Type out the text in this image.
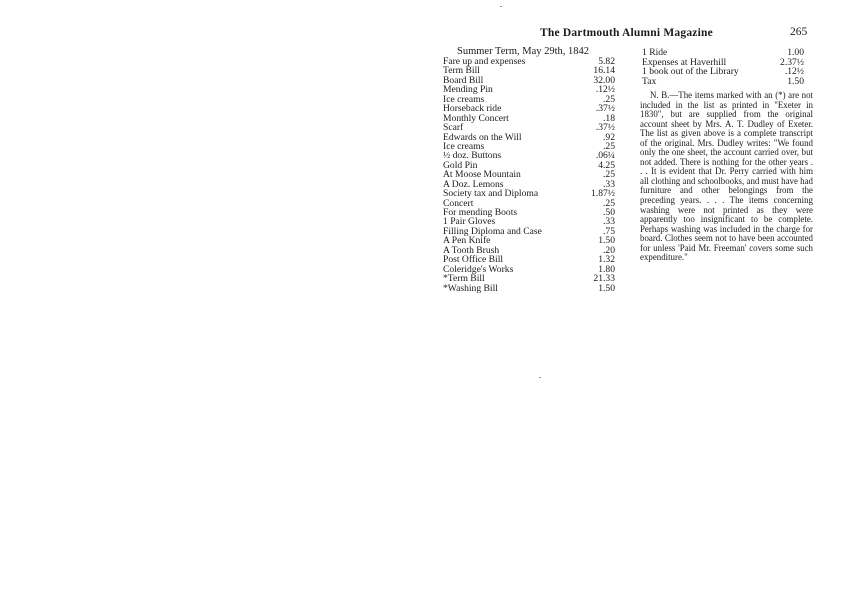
The Dartmouth Alumni Magazine	265
Summer Term, May 29th, 1842
Fare up and expenses	5.82
Term Bill	16.14
Board Bill	32.00
Mending Pin	.12½
Ice creams	.25
Horseback ride	.37½
Monthly Concert	.18
Scarf	.37½
Edwards on the Will	.92
Ice creams	.25
½ doz. Buttons	.06¼
Gold Pin	4.25
At Moose Mountain	.25
A Doz. Lemons	.33
Society tax and Diploma	1.87½
Concert	.25
For mending Boots	.50
1 Pair Gloves	.33
Filling Diploma and Case	.75
A Pen Knife	1.50
A Tooth Brush	.20
Post Office Bill	1.32
Coleridge's Works	1.80
*Term Bill	21.33
*Washing Bill	1.50
1 Ride	1.00
Expenses at Haverhill	2.37½
1 book out of the Library	.12½
Tax	1.50
N. B.—The items marked with an (*) are not included in the list as printed in "Exeter in 1830", but are supplied from the original account sheet by Mrs. A. T. Dudley of Exeter. The list as given above is a complete transcript of the original. Mrs. Dudley writes: "We found only the one sheet, the account carried over, but not added. There is nothing for the other years . . . It is evident that Dr. Perry carried with him all clothing and schoolbooks, and must have had furniture and other belongings from the preceding years. . . . The items concerning washing were not printed as they were apparently too insignificant to be complete. Perhaps washing was included in the charge for board. Clothes seem not to have been accounted for unless 'Paid Mr. Freeman' covers some such expenditure."
